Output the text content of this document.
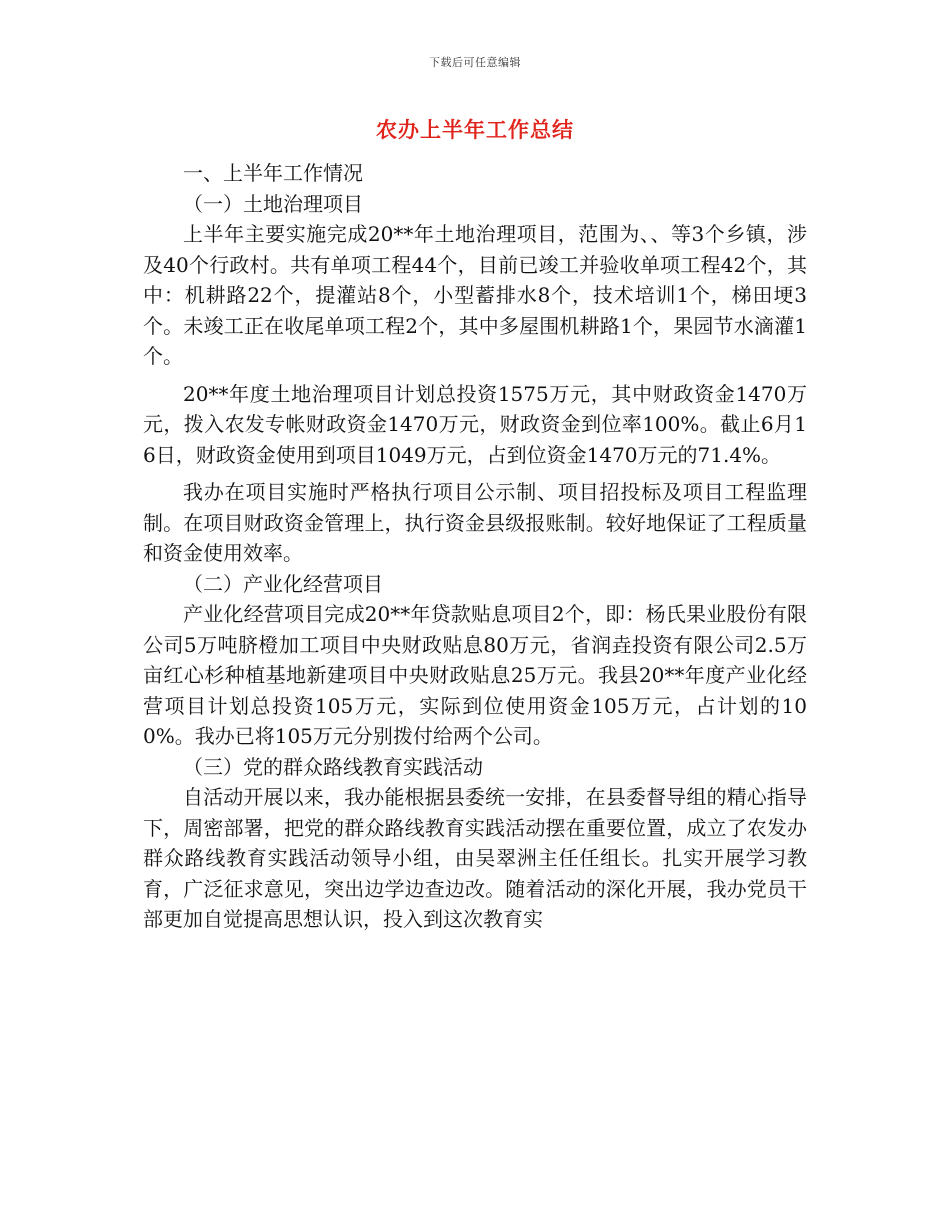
下载后可任意编辑
农办上半年工作总结

一、上半年工作情况

（一）土地治理项目

上半年主要实施完成20**年土地治理项目，范围为、、等3个乡镇，涉及40个行政村。共有单项工程44个，目前已竣工并验收单项工程42个，其中：机耕路22个，提灌站8个，小型蓄排水8个，技术培训1个，梯田埂3个。未竣工正在收尾单项工程2个，其中多屋围机耕路1个，果园节水滴灌1个。

20**年度土地治理项目计划总投资1575万元，其中财政资金1470万元，拨入农发专帐财政资金1470万元，财政资金到位率100%。截止6月16日，财政资金使用到项目1049万元，占到位资金1470万元的71.4%。

我办在项目实施时严格执行项目公示制、项目招投标及项目工程监理制。在项目财政资金管理上，执行资金县级报账制。较好地保证了工程质量和资金使用效率。

（二）产业化经营项目

产业化经营项目完成20**年贷款贴息项目2个，即：杨氏果业股份有限公司5万吨脐橙加工项目中央财政贴息80万元，省润垚投资有限公司2.5万亩红心杉种植基地新建项目中央财政贴息25万元。我县20**年度产业化经营项目计划总投资105万元，实际到位使用资金105万元，占计划的100%。我办已将105万元分别拨付给两个公司。

（三）党的群众路线教育实践活动

自活动开展以来，我办能根据县委统一安排，在县委督导组的精心指导下，周密部署，把党的群众路线教育实践活动摆在重要位置，成立了农发办群众路线教育实践活动领导小组，由吴翠洲主任任组长。扎实开展学习教育，广泛征求意见，突出边学边查边改。随着活动的深化开展，我办党员干部更加自觉提高思想认识，投入到这次教育实
